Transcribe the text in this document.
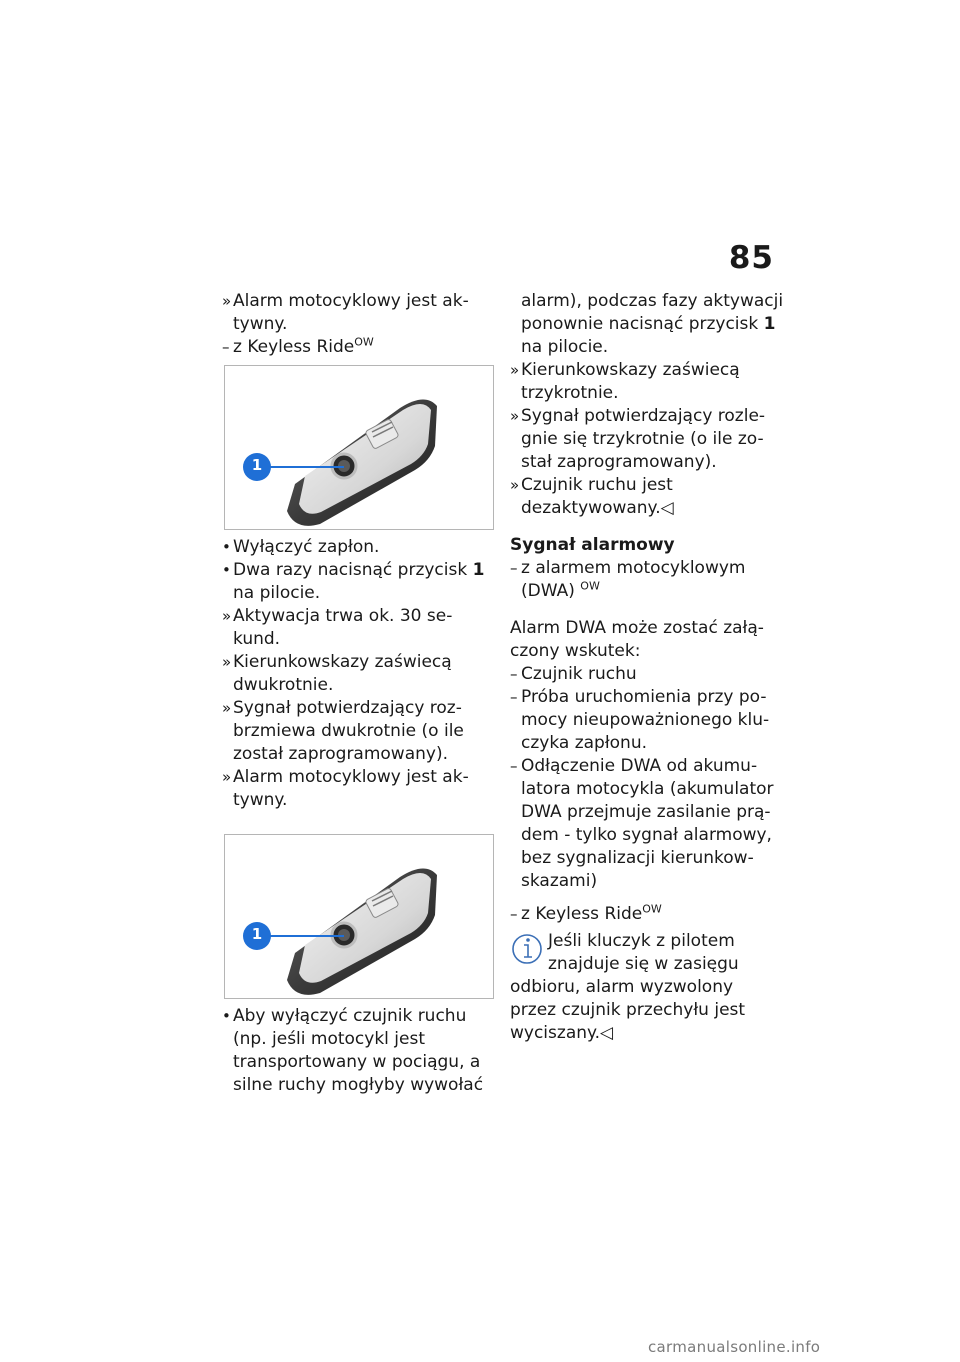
85
» Alarm motocyklowy jest ak-
tywny.
– z Keyless Ride$^{OW}$
1
• Wyłączyć zapłon.
• Dwa razy nacisnąć przycisk 1
na pilocie.
» Aktywacja trwa ok. 30 se-
kund.
» Kierunkowskazy zaświecą
dwukrotnie.
» Sygnał potwierdzający roz-
brzmiewa dwukrotnie (o ile
został zaprogramowany).
» Alarm motocyklowy jest ak-
tywny.
1
• Aby wyłączyć czujnik ruchu
(np. jeśli motocykl jest
transportowany w pociągu, a
silne ruchy mogłyby wywołać
alarm), podczas fazy aktywacji
ponownie nacisnąć przycisk 1
na pilocie.
» Kierunkowskazy zaświecą
trzykrotnie.
» Sygnał potwierdzający rozle-
gnie się trzykrotnie (o ile zo-
stał zaprogramowany).
» Czujnik ruchu jest
dezaktywowany.◁
Sygnał alarmowy
– z alarmem motocyklowym
(DWA) $^{OW}$
Alarm DWA może zostać załą-
czony wskutek:
– Czujnik ruchu
– Próba uruchomienia przy po-
mocy nieupoważnionego klu-
czyka zapłonu.
– Odłączenie DWA od akumu-
latora motocykla (akumulator
DWA przejmuje zasilanie prą-
dem - tylko sygnał alarmowy,
bez sygnalizacji kierunkow-
skazami)
– z Keyless Ride$^{OW}$
Jeśli kluczyk z pilotem
znajduje się w zasięgu
odbioru, alarm wyzwolony
przez czujnik przechyłu jest
wyciszany.◁
carmanualsonline.info
